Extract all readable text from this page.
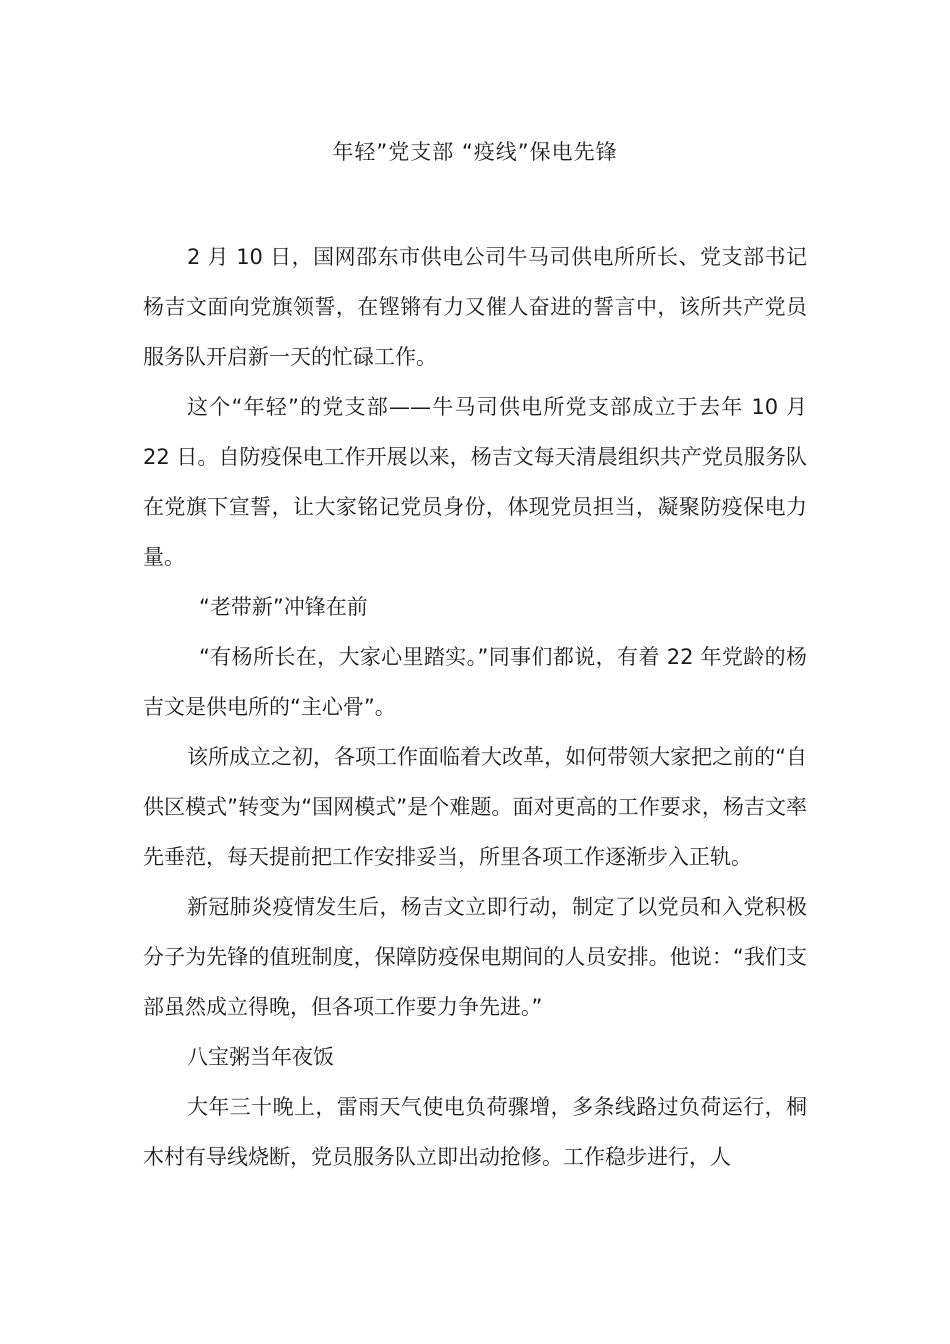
年轻”党支部 “疫线”保电先锋

2 月 10 日，国网邵东市供电公司牛马司供电所所长、党支部书记杨吉文面向党旗领誓，在铿锵有力又催人奋进的誓言中，该所共产党员服务队开启新一天的忙碌工作。

这个“年轻”的党支部——牛马司供电所党支部成立于去年 10 月 22 日。自防疫保电工作开展以来，杨吉文每天清晨组织共产党员服务队在党旗下宣誓，让大家铭记党员身份，体现党员担当，凝聚防疫保电力量。

“老带新”冲锋在前

“有杨所长在，大家心里踏实。”同事们都说，有着 22 年党龄的杨吉文是供电所的“主心骨”。

该所成立之初，各项工作面临着大改革，如何带领大家把之前的“自供区模式”转变为“国网模式”是个难题。面对更高的工作要求，杨吉文率先垂范，每天提前把工作安排妥当，所里各项工作逐渐步入正轨。

新冠肺炎疫情发生后，杨吉文立即行动，制定了以党员和入党积极分子为先锋的值班制度，保障防疫保电期间的人员安排。他说：“我们支部虽然成立得晚，但各项工作要力争先进。”

八宝粥当年夜饭

大年三十晚上，雷雨天气使电负荷骤增，多条线路过负荷运行，桐木村有导线烧断，党员服务队立即出动抢修。工作稳步进行，人
